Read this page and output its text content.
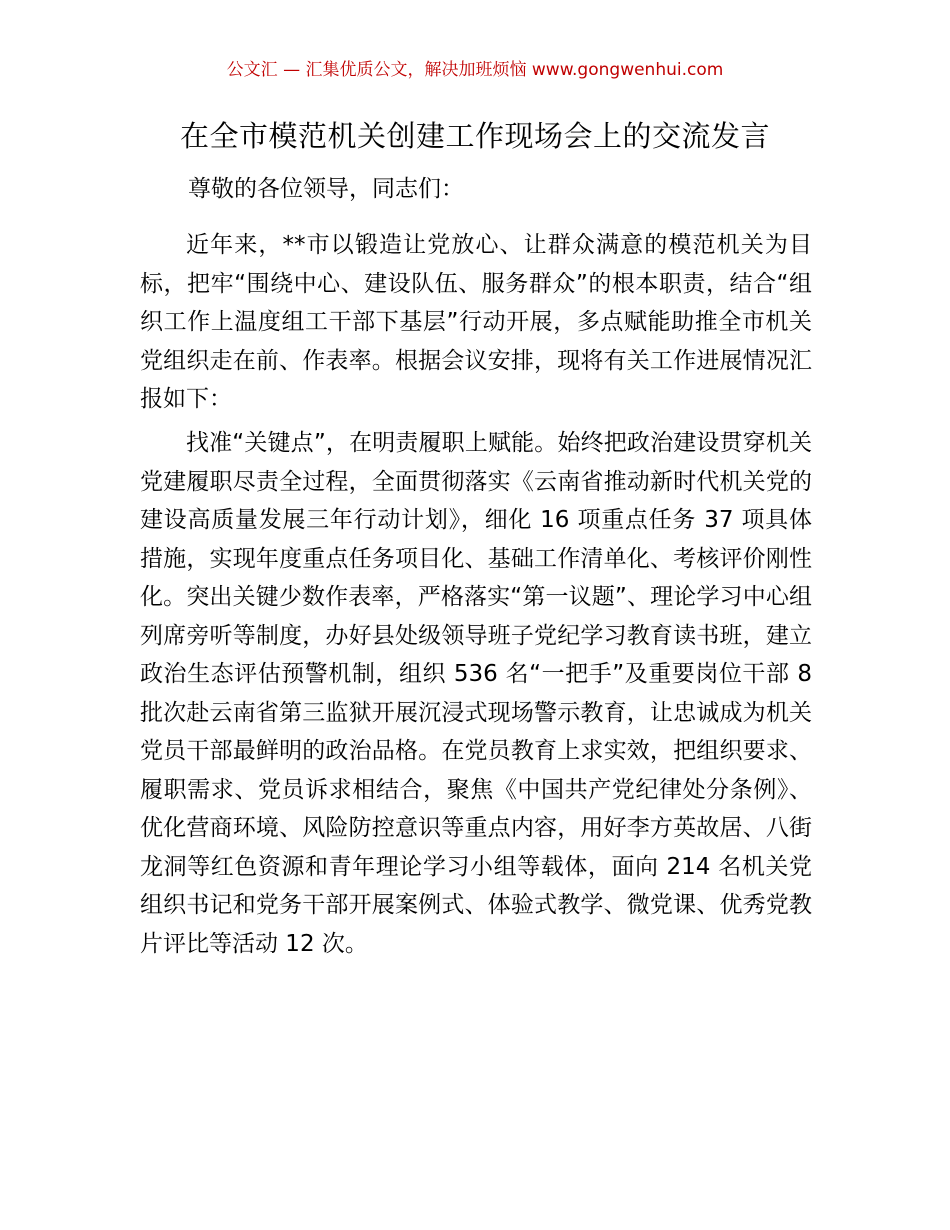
公文汇 — 汇集优质公文，解决加班烦恼 www.gongwenhui.com
在全市模范机关创建工作现场会上的交流发言
尊敬的各位领导，同志们：

近年来，**市以锻造让党放心、让群众满意的模范机关为目标，把牢“围绕中心、建设队伍、服务群众”的根本职责，结合“组织工作上温度组工干部下基层”行动开展，多点赋能助推全市机关党组织走在前、作表率。根据会议安排，现将有关工作进展情况汇报如下：

找准“关键点”，在明责履职上赋能。始终把政治建设贯穿机关党建履职尽责全过程，全面贯彻落实《云南省推动新时代机关党的建设高质量发展三年行动计划》，细化 16 项重点任务 37 项具体措施，实现年度重点任务项目化、基础工作清单化、考核评价刚性化。突出关键少数作表率，严格落实“第一议题”、理论学习中心组列席旁听等制度，办好县处级领导班子党纪学习教育读书班，建立政治生态评估预警机制，组织 536 名“一把手”及重要岗位干部 8 批次赴云南省第三监狱开展沉浸式现场警示教育，让忠诚成为机关党员干部最鲜明的政治品格。在党员教育上求实效，把组织要求、履职需求、党员诉求相结合，聚焦《中国共产党纪律处分条例》、优化营商环境、风险防控意识等重点内容，用好李方英故居、八街龙洞等红色资源和青年理论学习小组等载体，面向 214 名机关党组织书记和党务干部开展案例式、体验式教学、微党课、优秀党教片评比等活动 12 次。
